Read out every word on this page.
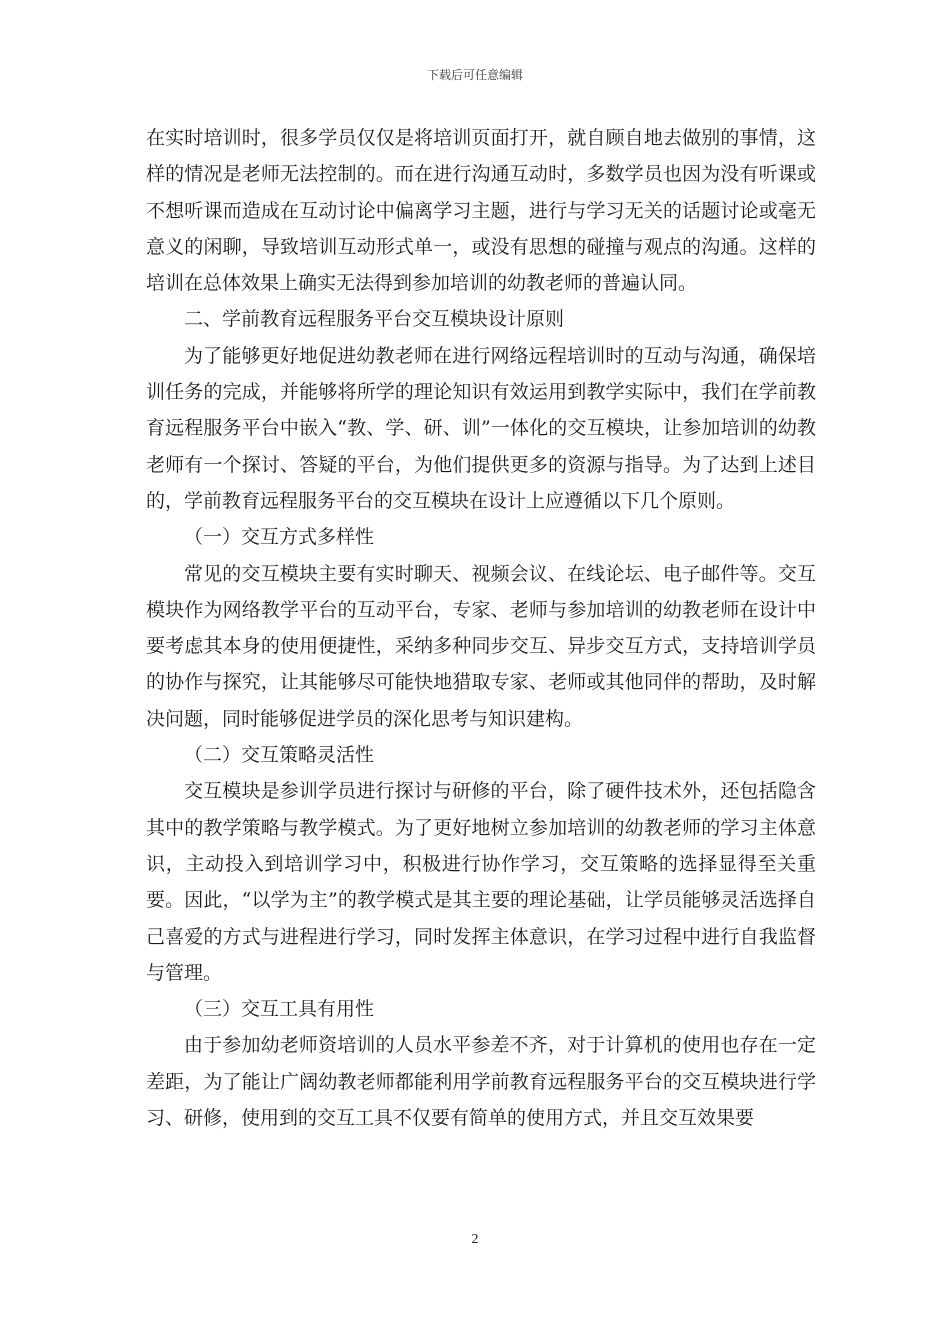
下载后可任意编辑

在实时培训时，很多学员仅仅是将培训页面打开，就自顾自地去做别的事情，这样的情况是老师无法控制的。而在进行沟通互动时，多数学员也因为没有听课或不想听课而造成在互动讨论中偏离学习主题，进行与学习无关的话题讨论或毫无意义的闲聊，导致培训互动形式单一，或没有思想的碰撞与观点的沟通。这样的培训在总体效果上确实无法得到参加培训的幼教老师的普遍认同。

二、学前教育远程服务平台交互模块设计原则

为了能够更好地促进幼教老师在进行网络远程培训时的互动与沟通，确保培训任务的完成，并能够将所学的理论知识有效运用到教学实际中，我们在学前教育远程服务平台中嵌入“教、学、研、训”一体化的交互模块，让参加培训的幼教老师有一个探讨、答疑的平台，为他们提供更多的资源与指导。为了达到上述目的，学前教育远程服务平台的交互模块在设计上应遵循以下几个原则。

（一）交互方式多样性

常见的交互模块主要有实时聊天、视频会议、在线论坛、电子邮件等。交互模块作为网络教学平台的互动平台，专家、老师与参加培训的幼教老师在设计中要考虑其本身的使用便捷性，采纳多种同步交互、异步交互方式，支持培训学员的协作与探究，让其能够尽可能快地猎取专家、老师或其他同伴的帮助，及时解决问题，同时能够促进学员的深化思考与知识建构。

（二）交互策略灵活性

交互模块是参训学员进行探讨与研修的平台，除了硬件技术外，还包括隐含其中的教学策略与教学模式。为了更好地树立参加培训的幼教老师的学习主体意识，主动投入到培训学习中，积极进行协作学习，交互策略的选择显得至关重要。因此，“以学为主”的教学模式是其主要的理论基础，让学员能够灵活选择自己喜爱的方式与进程进行学习，同时发挥主体意识，在学习过程中进行自我监督与管理。

（三）交互工具有用性

由于参加幼老师资培训的人员水平参差不齐，对于计算机的使用也存在一定差距，为了能让广阔幼教老师都能利用学前教育远程服务平台的交互模块进行学习、研修，使用到的交互工具不仅要有简单的使用方式，并且交互效果要

2
